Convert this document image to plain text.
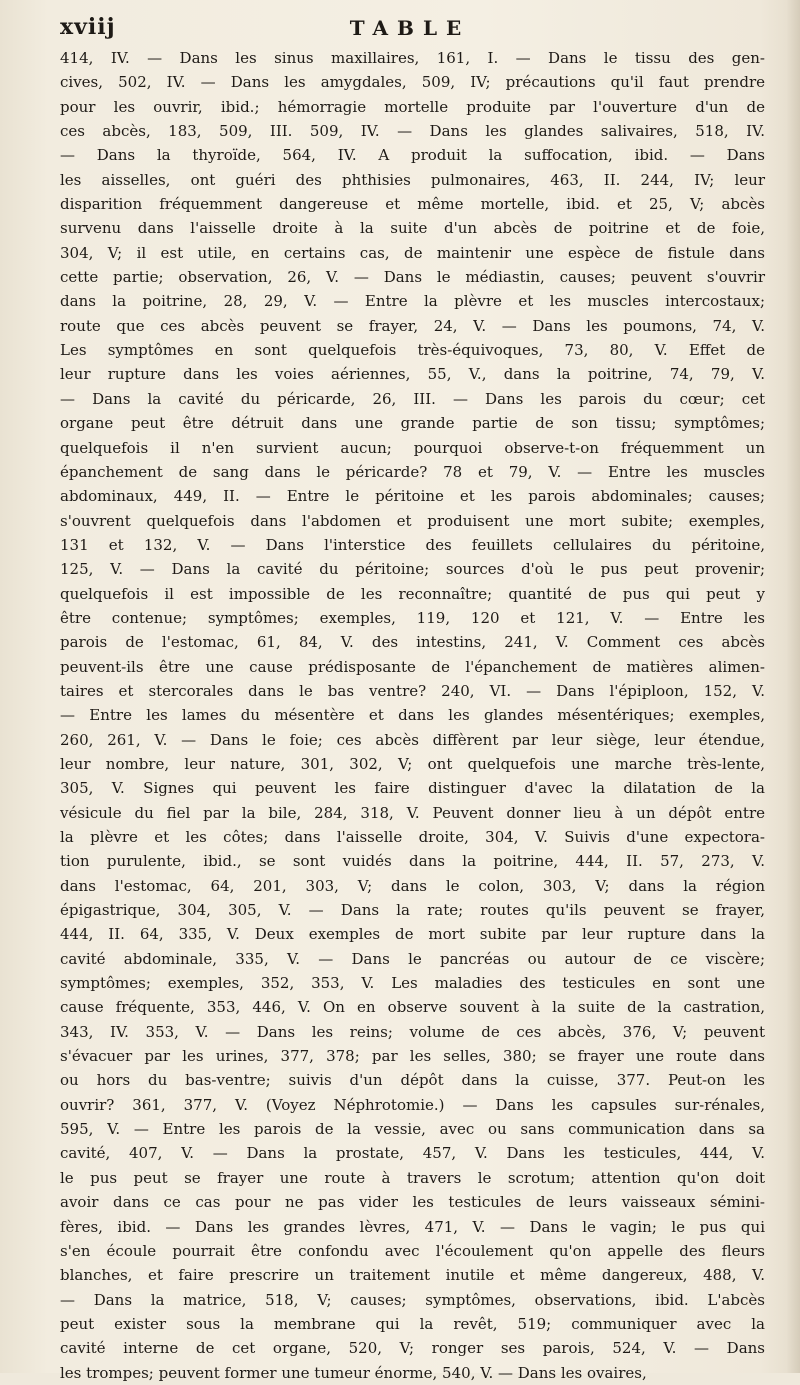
xviij	TABLE
414, IV. — Dans les sinus maxillaires, 161, I. — Dans le tissu des gen-
cives, 502, IV. — Dans les amygdales, 509, IV; précautions qu'il faut prendre
pour les ouvrir, ibid.; hémorragie mortelle produite par l'ouverture d'un de
ces abcès, 183, 509, III. 509, IV. — Dans les glandes salivaires, 518, IV.
— Dans la thyroïde, 564, IV. A produit la suffocation, ibid. — Dans
les aisselles, ont guéri des phthisies pulmonaires, 463, II. 244, IV; leur
disparition fréquemment dangereuse et même mortelle, ibid. et 25, V; abcès
survenu dans l'aisselle droite à la suite d'un abcès de poitrine et de foie,
304, V; il est utile, en certains cas, de maintenir une espèce de fistule dans
cette partie; observation, 26, V. — Dans le médiastin, causes; peuvent s'ouvrir
dans la poitrine, 28, 29, V. — Entre la plèvre et les muscles intercostaux;
route que ces abcès peuvent se frayer, 24, V. — Dans les poumons, 74, V.
Les symptômes en sont quelquefois très-équivoques, 73, 80, V. Effet de
leur rupture dans les voies aériennes, 55, V., dans la poitrine, 74, 79, V.
— Dans la cavité du péricarde, 26, III. — Dans les parois du cœur; cet
organe peut être détruit dans une grande partie de son tissu; symptômes;
quelquefois il n'en survient aucun; pourquoi observe-t-on fréquemment un
épanchement de sang dans le péricarde? 78 et 79, V. — Entre les muscles
abdominaux, 449, II. — Entre le péritoine et les parois abdominales; causes;
s'ouvrent quelquefois dans l'abdomen et produisent une mort subite; exemples,
131 et 132, V. — Dans l'interstice des feuillets cellulaires du péritoine,
125, V. — Dans la cavité du péritoine; sources d'où le pus peut provenir;
quelquefois il est impossible de les reconnaître; quantité de pus qui peut y
être contenue; symptômes; exemples, 119, 120 et 121, V. — Entre les
parois de l'estomac, 61, 84, V. des intestins, 241, V. Comment ces abcès
peuvent-ils être une cause prédisposante de l'épanchement de matières alimen-
taires et stercorales dans le bas ventre? 240, VI. — Dans l'épiploon, 152, V.
— Entre les lames du mésentère et dans les glandes mésentériques; exemples,
260, 261, V. — Dans le foie; ces abcès diffèrent par leur siège, leur étendue,
leur nombre, leur nature, 301, 302, V; ont quelquefois une marche très-lente,
305, V. Signes qui peuvent les faire distinguer d'avec la dilatation de la
vésicule du fiel par la bile, 284, 318, V. Peuvent donner lieu à un dépôt entre
la plèvre et les côtes; dans l'aisselle droite, 304, V. Suivis d'une expectora-
tion purulente, ibid., se sont vuidés dans la poitrine, 444, II. 57, 273, V.
dans l'estomac, 64, 201, 303, V; dans le colon, 303, V; dans la région
épigastrique, 304, 305, V. — Dans la rate; routes qu'ils peuvent se frayer,
444, II. 64, 335, V. Deux exemples de mort subite par leur rupture dans la
cavité abdominale, 335, V. — Dans le pancréas ou autour de ce viscère;
symptômes; exemples, 352, 353, V. Les maladies des testicules en sont une
cause fréquente, 353, 446, V. On en observe souvent à la suite de la castration,
343, IV. 353, V. — Dans les reins; volume de ces abcès, 376, V; peuvent
s'évacuer par les urines, 377, 378; par les selles, 380; se frayer une route dans
ou hors du bas-ventre; suivis d'un dépôt dans la cuisse, 377. Peut-on les
ouvrir? 361, 377, V. (Voyez Néphrotomie.) — Dans les capsules sur-rénales,
595, V. — Entre les parois de la vessie, avec ou sans communication dans sa
cavité, 407, V. — Dans la prostate, 457, V. Dans les testicules, 444, V.
le pus peut se frayer une route à travers le scrotum; attention qu'on doit
avoir dans ce cas pour ne pas vider les testicules de leurs vaisseaux sémini-
fères, ibid. — Dans les grandes lèvres, 471, V. — Dans le vagin; le pus qui
s'en écoule pourrait être confondu avec l'écoulement qu'on appelle des fleurs
blanches, et faire prescrire un traitement inutile et même dangereux, 488, V.
— Dans la matrice, 518, V; causes; symptômes, observations, ibid. L'abcès
peut exister sous la membrane qui la revêt, 519; communiquer avec la
cavité interne de cet organe, 520, V; ronger ses parois, 524, V. — Dans
les trompes; peuvent former une tumeur énorme, 540, V. — Dans les ovaires,
